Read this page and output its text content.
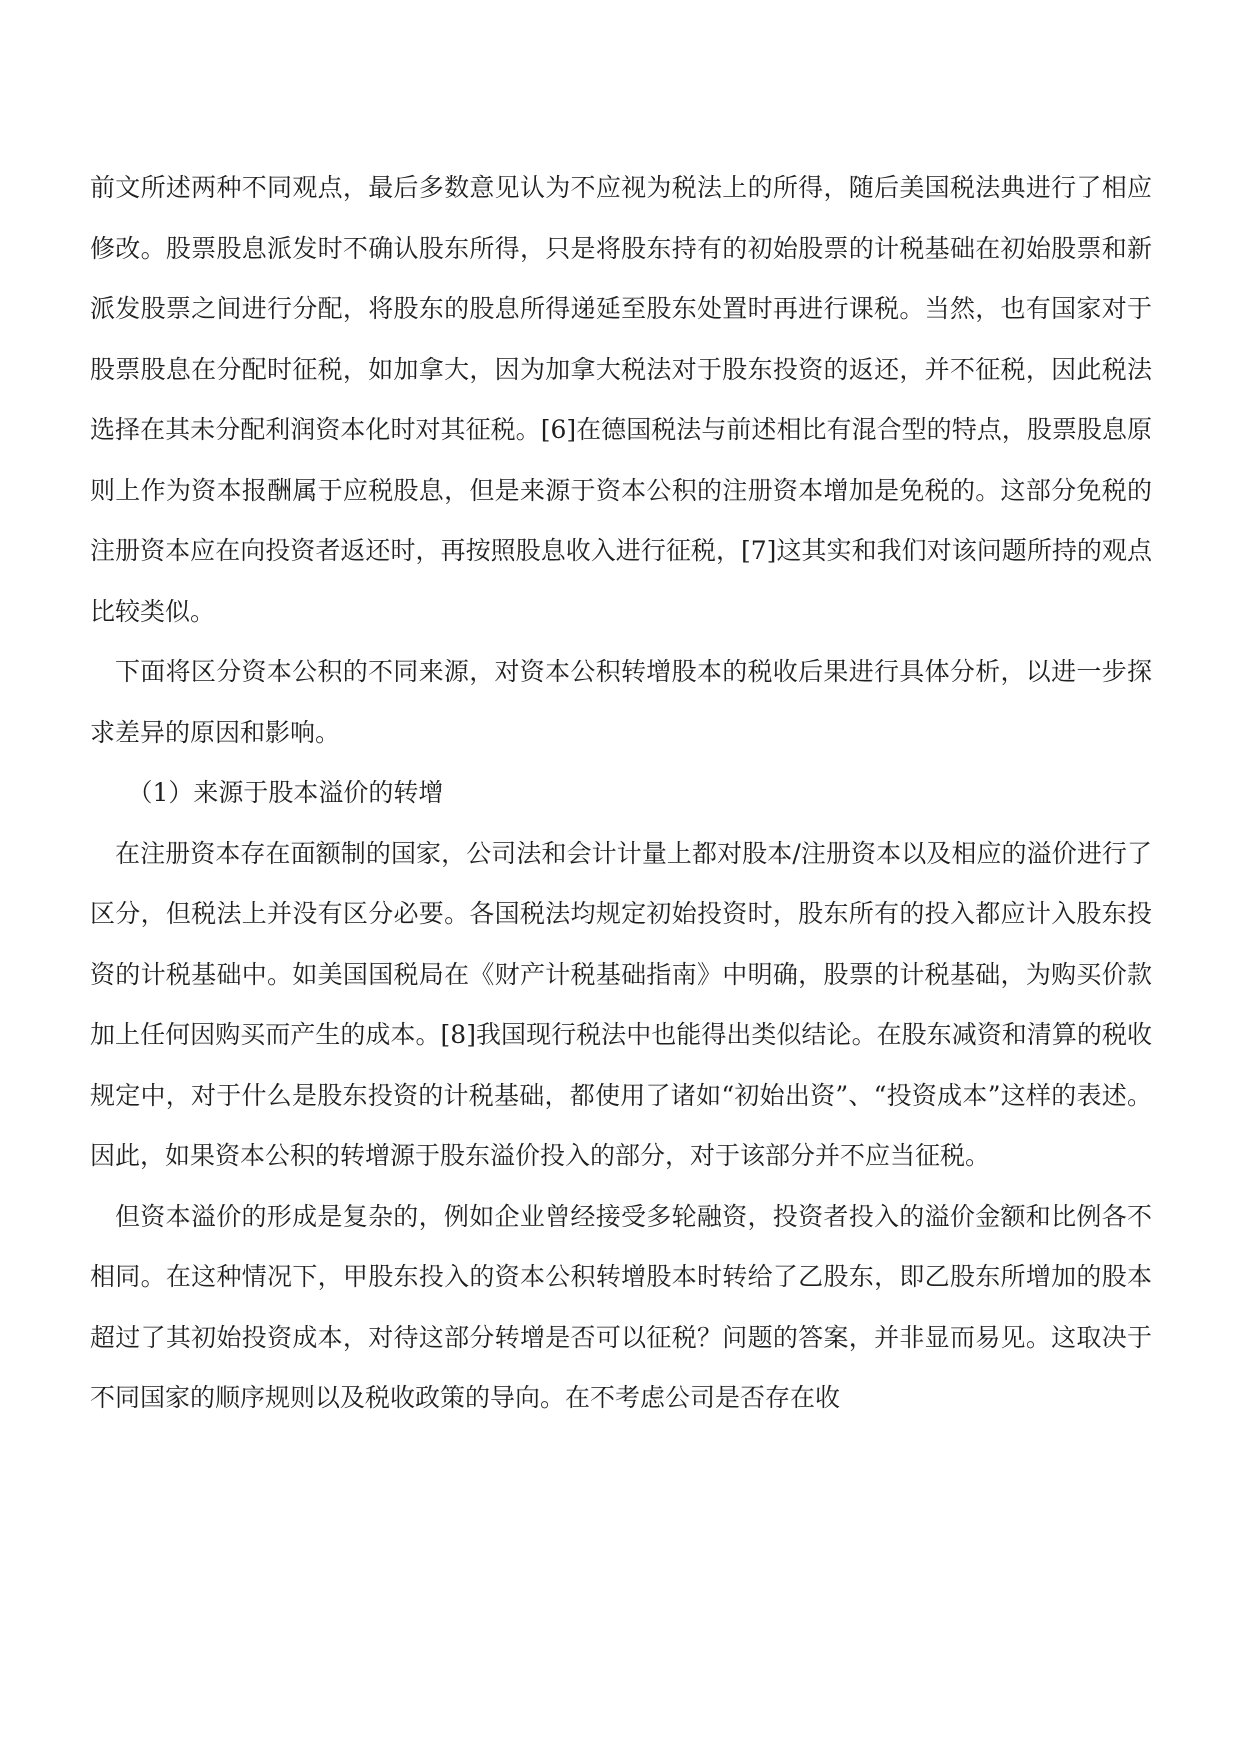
前文所述两种不同观点，最后多数意见认为不应视为税法上的所得，随后美国税法典进行了相应修改。股票股息派发时不确认股东所得，只是将股东持有的初始股票的计税基础在初始股票和新派发股票之间进行分配，将股东的股息所得递延至股东处置时再进行课税。当然，也有国家对于股票股息在分配时征税，如加拿大，因为加拿大税法对于股东投资的返还，并不征税，因此税法选择在其未分配利润资本化时对其征税。[6]在德国税法与前述相比有混合型的特点，股票股息原则上作为资本报酬属于应税股息，但是来源于资本公积的注册资本增加是免税的。这部分免税的注册资本应在向投资者返还时，再按照股息收入进行征税，[7]这其实和我们对该问题所持的观点比较类似。

下面将区分资本公积的不同来源，对资本公积转增股本的税收后果进行具体分析，以进一步探求差异的原因和影响。

（1）来源于股本溢价的转增

在注册资本存在面额制的国家，公司法和会计计量上都对股本/注册资本以及相应的溢价进行了区分，但税法上并没有区分必要。各国税法均规定初始投资时，股东所有的投入都应计入股东投资的计税基础中。如美国国税局在《财产计税基础指南》中明确，股票的计税基础，为购买价款加上任何因购买而产生的成本。[8]我国现行税法中也能得出类似结论。在股东减资和清算的税收规定中，对于什么是股东投资的计税基础，都使用了诸如“初始出资”、“投资成本”这样的表述。因此，如果资本公积的转增源于股东溢价投入的部分，对于该部分并不应当征税。

但资本溢价的形成是复杂的，例如企业曾经接受多轮融资，投资者投入的溢价金额和比例各不相同。在这种情况下，甲股东投入的资本公积转增股本时转给了乙股东，即乙股东所增加的股本超过了其初始投资成本，对待这部分转增是否可以征税？问题的答案，并非显而易见。这取决于不同国家的顺序规则以及税收政策的导向。在不考虑公司是否存在收
